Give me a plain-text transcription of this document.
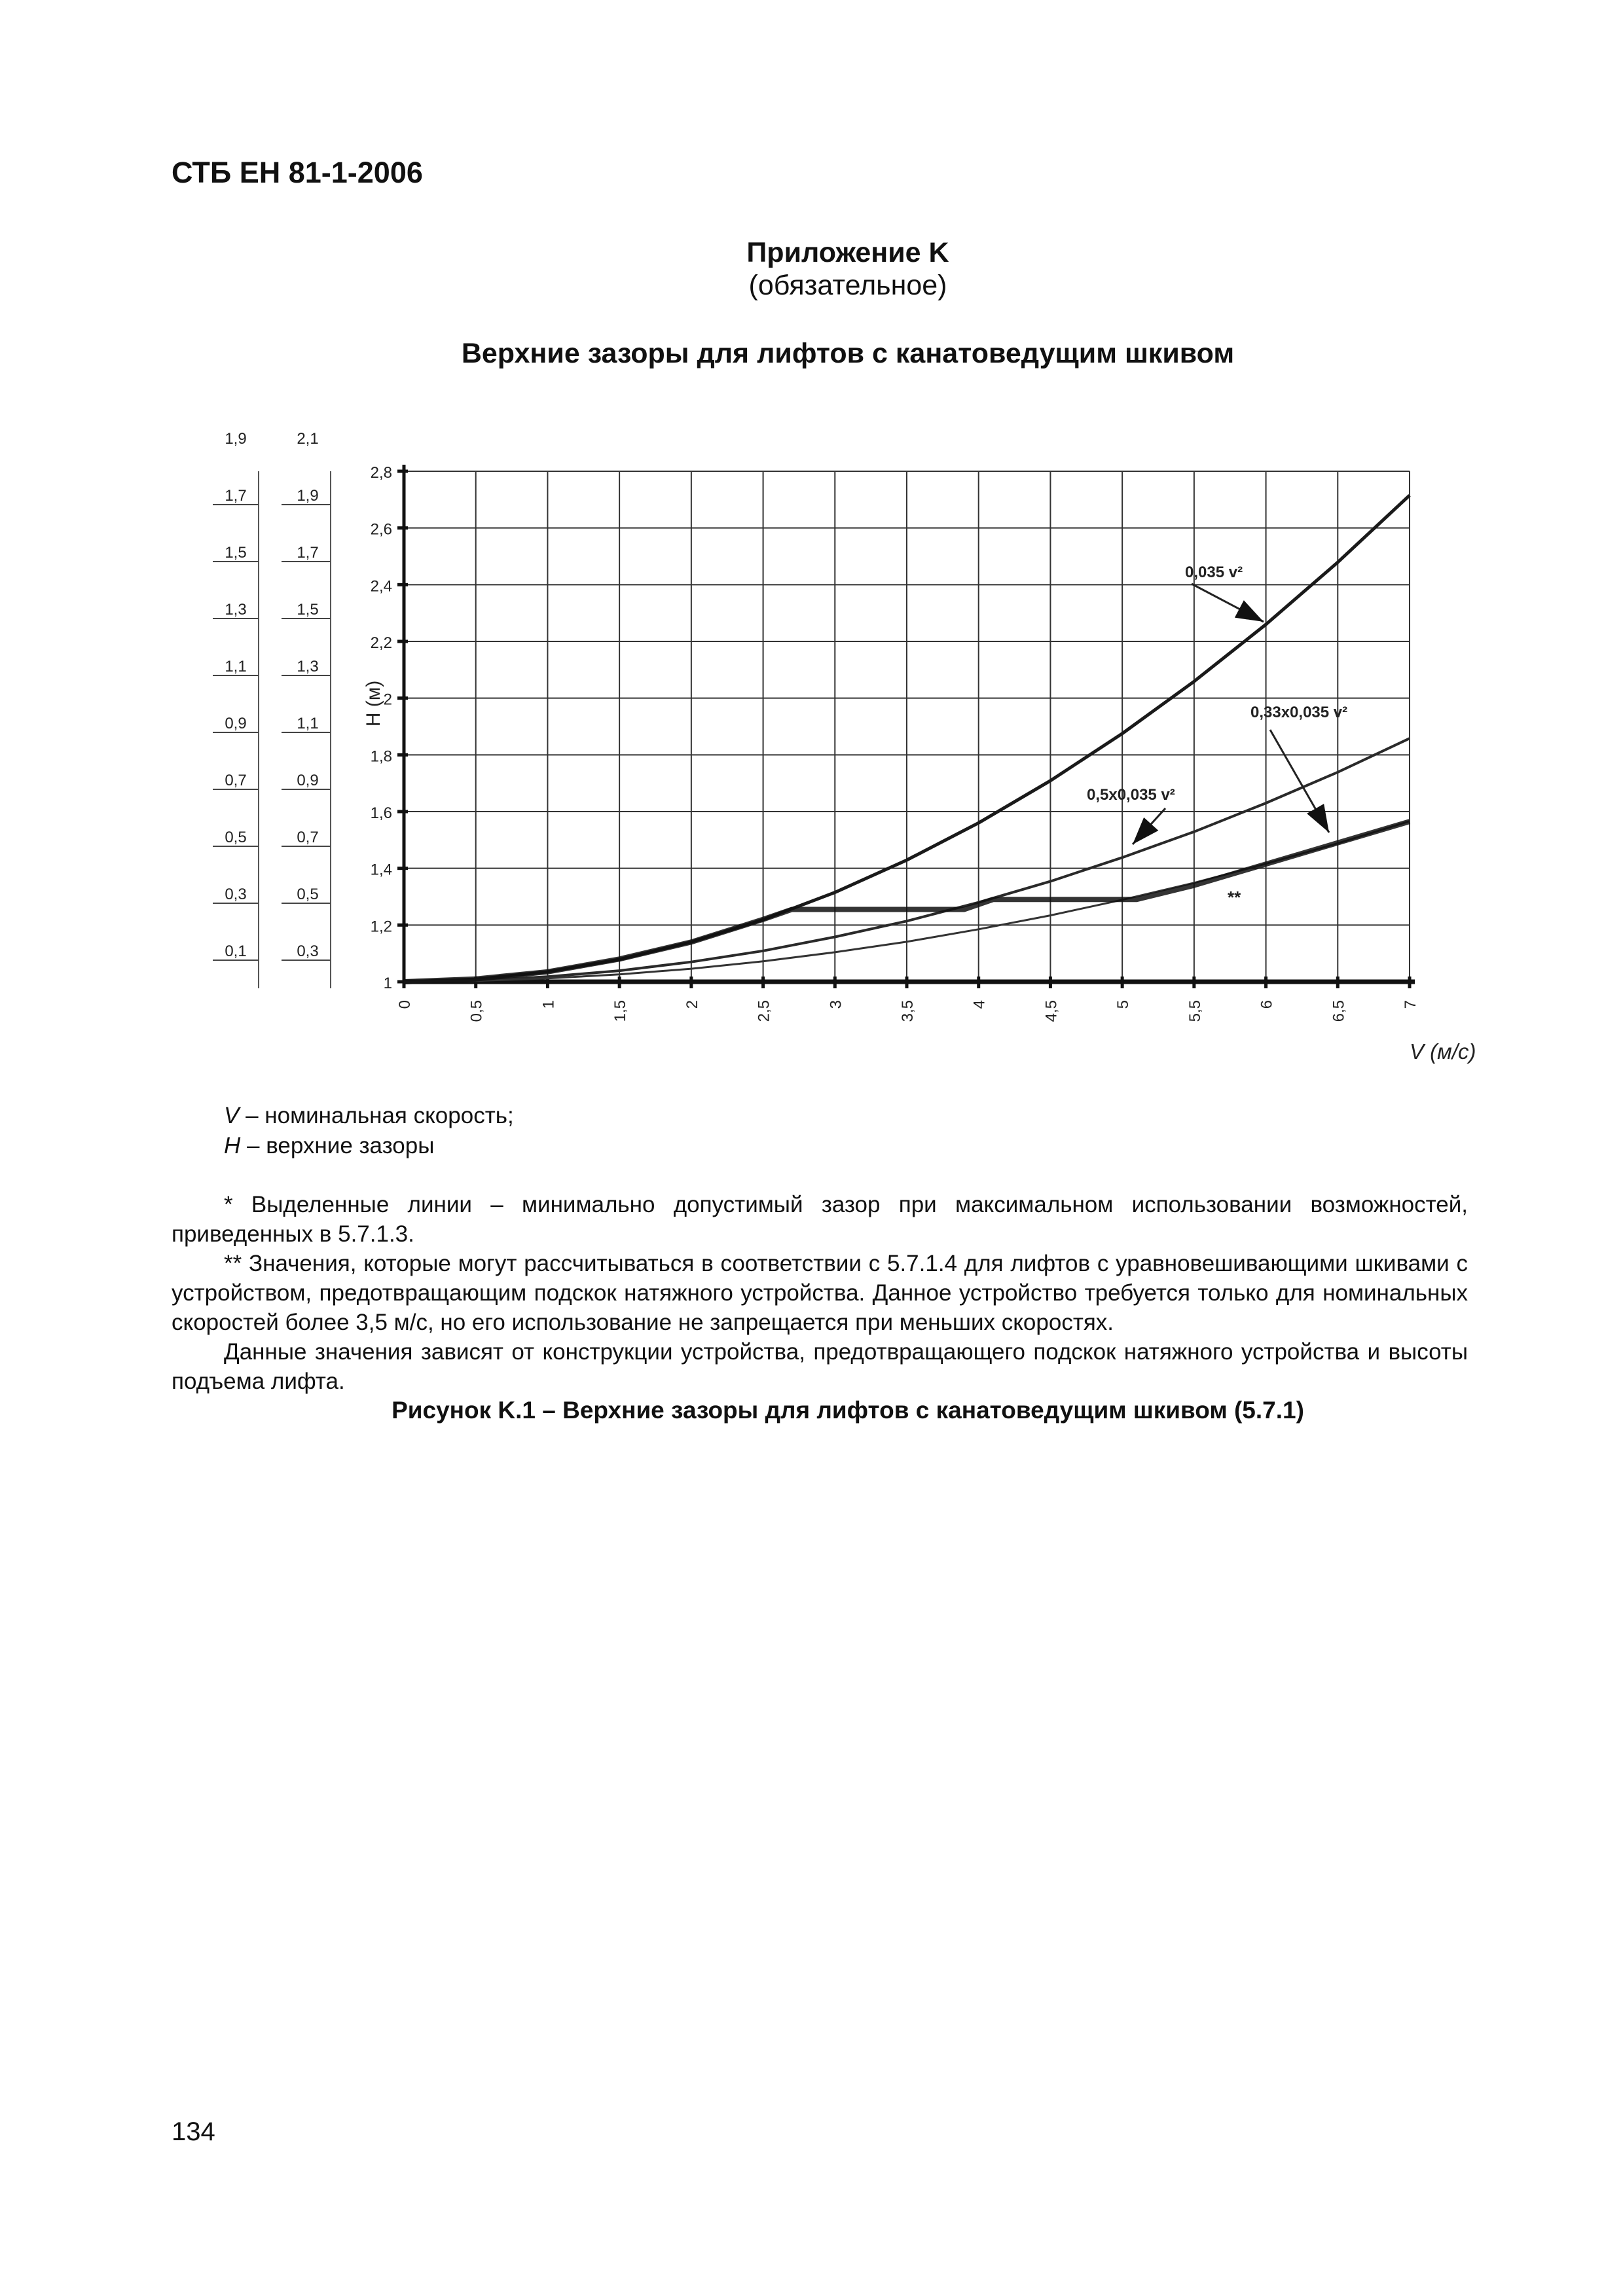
СТБ ЕН 81-1-2006
Приложение K
(обязательное)
Верхние зазоры для лифтов с канатоведущим шкивом
1,9
1,7
1,5
1,3
1,1
0,9
0,7
0,5
0,3
0,1
2,1
1,9
1,7
1,5
1,3
1,1
0,9
0,7
0,5
0,3
1
1,2
1,4
1,6
1,8
2
2,2
2,4
2,6
2,8
0	0,5	1	1,5	2	2,5	3	3,5	4	4,5	5	5,5	6	6,5	7
0,035 v²
0,33x0,035 v²
0,5x0,035 v²
**
H (м)
V (м/с)
V – номинальная скорость;
H – верхние зазоры

* Выделенные линии – минимально допустимый зазор при максимальном использовании возможностей, приведенных в 5.7.1.3.

** Значения, которые могут рассчитываться в соответствии с 5.7.1.4 для лифтов с уравновешивающими шкивами с устройством, предотвращающим подскок натяжного устройства. Данное устройство требуется только для номинальных скоростей более 3,5 м/с, но его использование не запрещается при меньших скоростях.

Данные значения зависят от конструкции устройства, предотвращающего подскок натяжного устройства и высоты подъема лифта.

Рисунок K.1 – Верхние зазоры для лифтов с канатоведущим шкивом (5.7.1)
134
